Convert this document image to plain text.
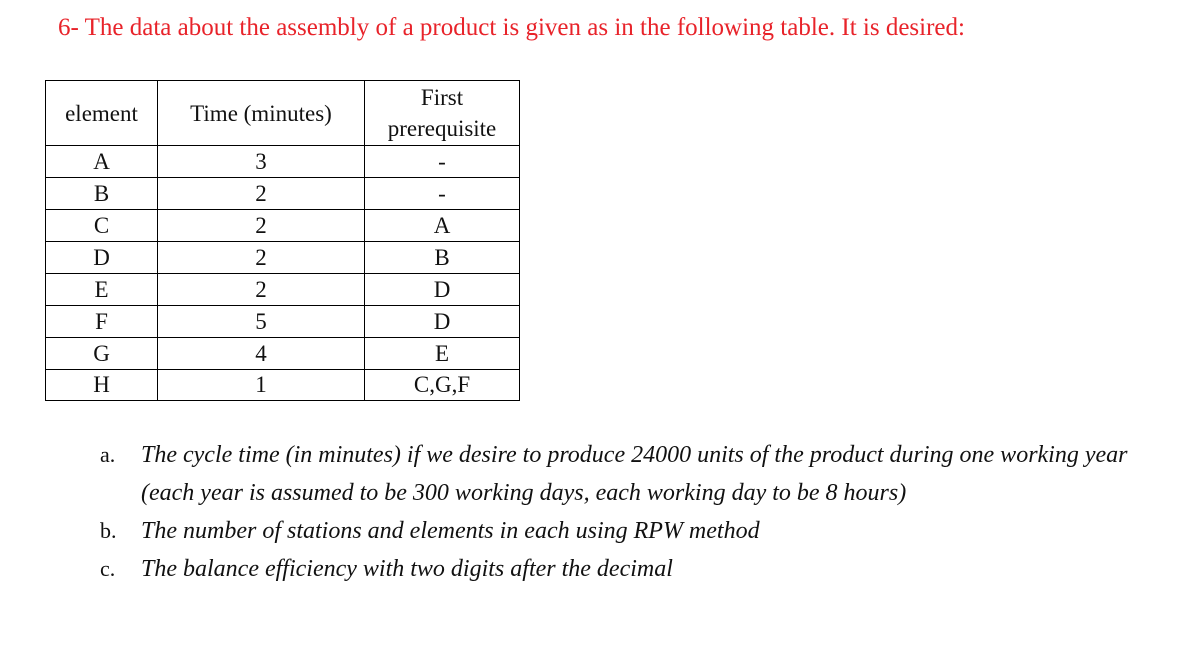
6- The data about the assembly of a product is given as in the following table. It is desired:
element	Time (minutes)	First
prerequisite

A	3	-
B	2	-
C	2	A
D	2	B
E	2	D
F	5	D
G	4	E
H	1	C,G,F
a.	The cycle time (in minutes) if we desire to produce 24000 units of the product during one working year (each year is assumed to be 300 working days, each working day to be 8 hours)
b.	The number of stations and elements in each using RPW method
c.	The balance efficiency with two digits after the decimal
